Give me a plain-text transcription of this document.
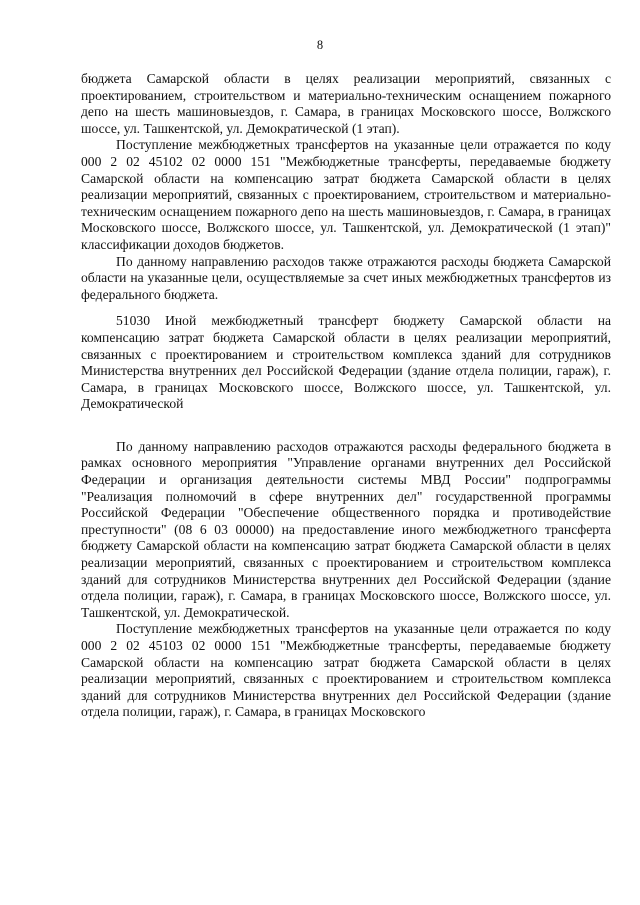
8

бюджета Самарской области в целях реализации мероприятий, связанных с проектированием, строительством и материально-техническим оснащением пожарного депо на шесть машиновыездов, г. Самара, в границах Московского шоссе, Волжского шоссе, ул. Ташкентской, ул. Демократической (1 этап).

Поступление межбюджетных трансфертов на указанные цели отражается по коду 000 2 02 45102 02 0000 151 "Межбюджетные трансферты, передаваемые бюджету Самарской области на компенсацию затрат бюджета Самарской области в целях реализации мероприятий, связанных с проектированием, строительством и материально-техническим оснащением пожарного депо на шесть машиновыездов, г. Самара, в границах Московского шоссе, Волжского шоссе, ул. Ташкентской, ул. Демократической (1 этап)" классификации доходов бюджетов.

По данному направлению расходов также отражаются расходы бюджета Самарской области на указанные цели, осуществляемые за счет иных межбюджетных трансфертов из федерального бюджета.

51030 Иной межбюджетный трансферт бюджету Самарской области на компенсацию затрат бюджета Самарской области в целях реализации мероприятий, связанных с проектированием и строительством комплекса зданий для сотрудников Министерства внутренних дел Российской Федерации (здание отдела полиции, гараж), г. Самара, в границах Московского шоссе, Волжского шоссе, ул. Ташкентской, ул. Демократической

По данному направлению расходов отражаются расходы федерального бюджета в рамках основного мероприятия "Управление органами внутренних дел Российской Федерации и организация деятельности системы МВД России" подпрограммы "Реализация полномочий в сфере внутренних дел" государственной программы Российской Федерации "Обеспечение общественного порядка и противодействие преступности" (08 6 03 00000) на предоставление иного межбюджетного трансферта бюджету Самарской области на компенсацию затрат бюджета Самарской области в целях реализации мероприятий, связанных с проектированием и строительством комплекса зданий для сотрудников Министерства внутренних дел Российской Федерации (здание отдела полиции, гараж), г. Самара, в границах Московского шоссе, Волжского шоссе, ул. Ташкентской, ул. Демократической.

Поступление межбюджетных трансфертов на указанные цели отражается по коду 000 2 02 45103 02 0000 151 "Межбюджетные трансферты, передаваемые бюджету Самарской области на компенсацию затрат бюджета Самарской области в целях реализации мероприятий, связанных с проектированием и строительством комплекса зданий для сотрудников Министерства внутренних дел Российской Федерации (здание отдела полиции, гараж), г. Самара, в границах Московского
